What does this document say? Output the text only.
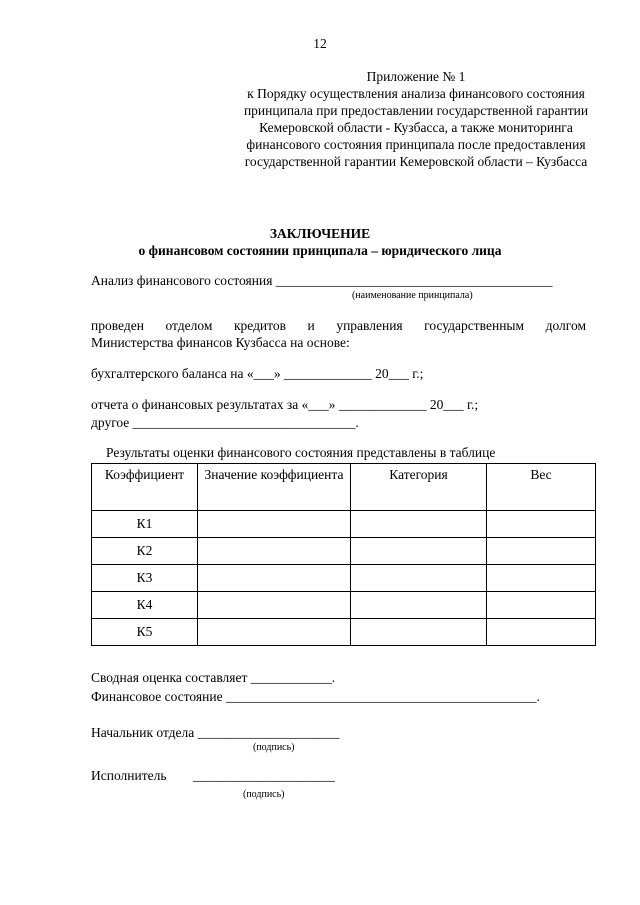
12
Приложение № 1
к Порядку осуществления анализа финансового состояния принципала при предоставлении государственной гарантии Кемеровской области - Кузбасса, а также мониторинга финансового состояния принципала после предоставления государственной гарантии Кемеровской области – Кузбасса
ЗАКЛЮЧЕНИЕ
о финансовом состоянии принципала – юридического лица
Анализ финансового состояния _________________________________________
(наименование принципала)
проведен отделом кредитов и управления государственным долгом
Министерства финансов Кузбасса на основе:
бухгалтерского баланса на «___» _____________ 20___ г.;
отчета о финансовых результатах за «___» _____________ 20___ г.;
другое _________________________________.
Результаты оценки финансового состояния представлены в таблице
Коэффициент	Значение коэффициента	Категория	Вес
К1			
К2			
К3			
К4			
К5			
Сводная оценка составляет ____________.
Финансовое состояние ______________________________________________.
Начальник отдела _____________________
(подпись)
Исполнитель _____________________
(подпись)
